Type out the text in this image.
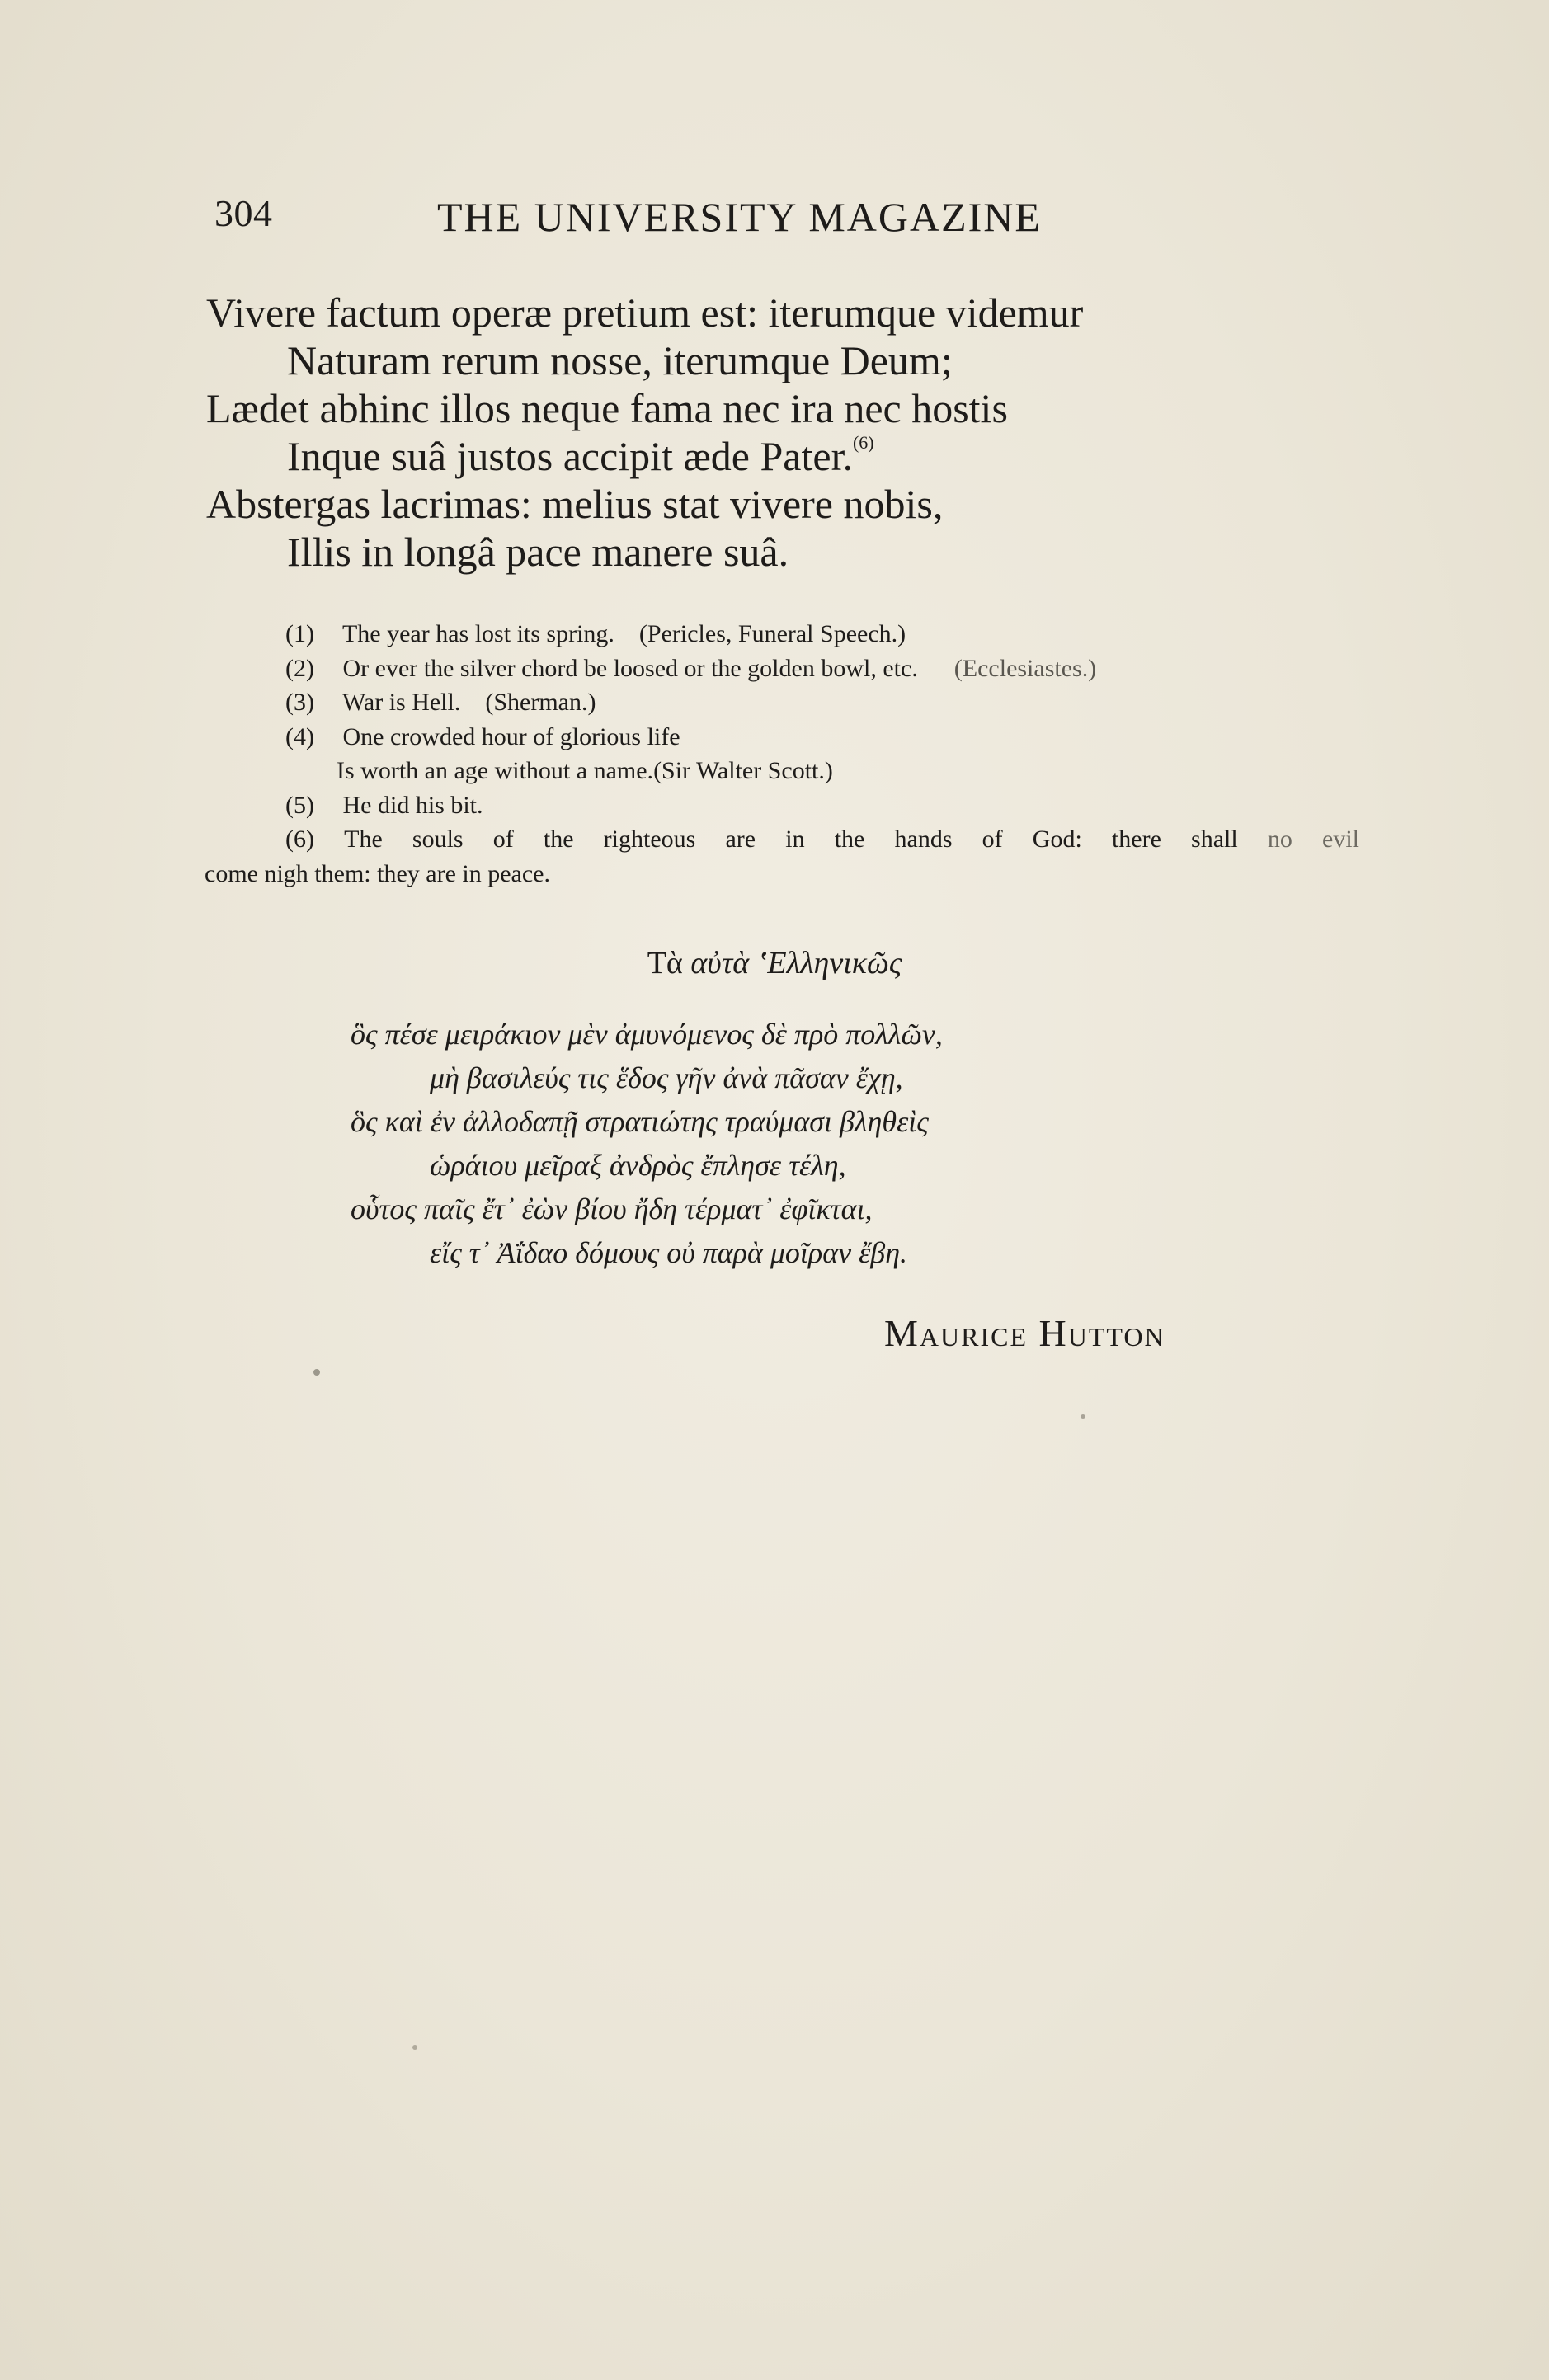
304	THE UNIVERSITY MAGAZINE
Vivere factum operæ pretium est: iterumque videmur
Naturam rerum nosse, iterumque Deum;
Lædet abhinc illos neque fama nec ira nec hostis
Inque suâ justos accipit æde Pater.$^{(6)}$
Abstergas lacrimas: melius stat vivere nobis,
Illis in longâ pace manere suâ.
(1) The year has lost its spring. (Pericles, Funeral Speech.)
(2) Or ever the silver chord be loosed or the golden bowl, etc. (Ecclesiastes.)
(3) War is Hell. (Sherman.)
(4) One crowded hour of glorious life
Is worth an age without a name.(Sir Walter Scott.)
(5) He did his bit.
(6) The souls of the righteous are in the hands of God: there shall no evil
come nigh them: they are in peace.
Τὰ αὐτὰ ʽΕλληνικῶς
ὃς πέσε μειράκιον μὲν ἀμυνόμενος δὲ πρὸ πολλῶν,
μὴ βασιλεύς τις ἕδος γῆν ἀνὰ πᾶσαν ἔχῃ,
ὃς καὶ ἐν ἀλλοδαπῇ στρατιώτης τραύμασι βληθεὶς
ὡράιου μεῖραξ ἀνδρὸς ἔπλησε τέλη,
οὗτος παῖς ἔτ᾽ ἐὼν βίου ἤδη τέρματ᾽ ἐφῖκται,
εἴς τ᾽ Ἀΐδαο δόμους οὐ παρὰ μοῖραν ἔβη.
Maurice Hutton
